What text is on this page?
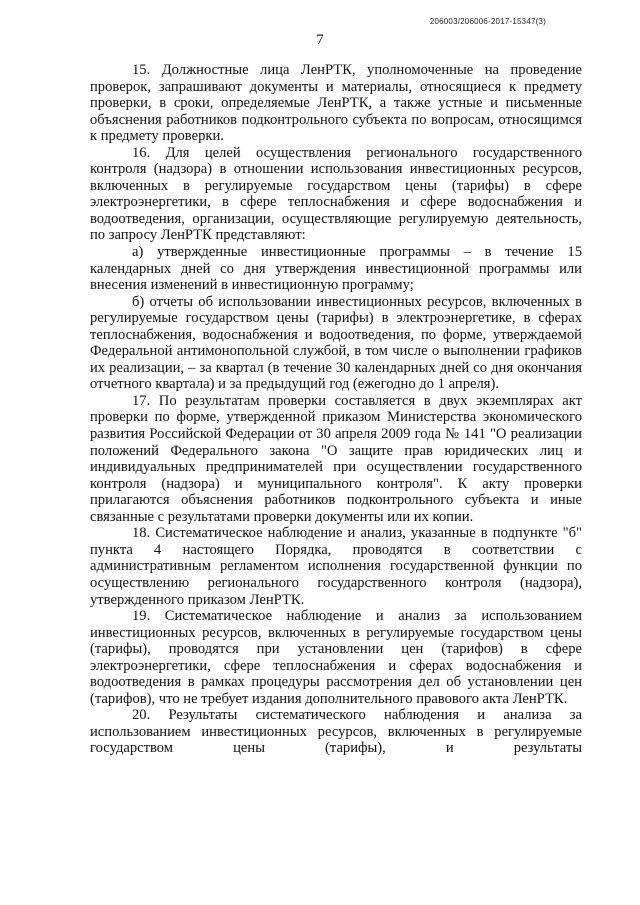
206003/206006-2017-15347(3)
7

15. Должностные лица ЛенРТК, уполномоченные на проведение проверок, запрашивают документы и материалы, относящиеся к предмету проверки, в сроки, определяемые ЛенРТК, а также устные и письменные объяснения работников подконтрольного субъекта по вопросам, относящимся к предмету проверки.

16. Для целей осуществления регионального государственного контроля (надзора) в отношении использования инвестиционных ресурсов, включенных в регулируемые государством цены (тарифы) в сфере электроэнергетики, в сфере теплоснабжения и сфере водоснабжения и водоотведения, организации, осуществляющие регулируемую деятельность, по запросу ЛенРТК представляют:

а) утвержденные инвестиционные программы – в течение 15 календарных дней со дня утверждения инвестиционной программы или внесения изменений в инвестиционную программу;

б) отчеты об использовании инвестиционных ресурсов, включенных в регулируемые государством цены (тарифы) в электроэнергетике, в сферах теплоснабжения, водоснабжения и водоотведения, по форме, утверждаемой Федеральной антимонопольной службой, в том числе о выполнении графиков их реализации, – за квартал (в течение 30 календарных дней со дня окончания отчетного квартала) и за предыдущий год (ежегодно до 1 апреля).

17. По результатам проверки составляется в двух экземплярах акт проверки по форме, утвержденной приказом Министерства экономического развития Российской Федерации от 30 апреля 2009 года № 141 "О реализации положений Федерального закона "О защите прав юридических лиц и индивидуальных предпринимателей при осуществлении государственного контроля (надзора) и муниципального контроля". К акту проверки прилагаются объяснения работников подконтрольного субъекта и иные связанные с результатами проверки документы или их копии.

18. Систематическое наблюдение и анализ, указанные в подпункте "б" пункта 4 настоящего Порядка, проводятся в соответствии с административным регламентом исполнения государственной функции по осуществлению регионального государственного контроля (надзора), утвержденного приказом ЛенРТК.

19. Систематическое наблюдение и анализ за использованием инвестиционных ресурсов, включенных в регулируемые государством цены (тарифы), проводятся при установлении цен (тарифов) в сфере электроэнергетики, сфере теплоснабжения и сферах водоснабжения и водоотведения в рамках процедуры рассмотрения дел об установлении цен (тарифов), что не требует издания дополнительного правового акта ЛенРТК.

20. Результаты систематического наблюдения и анализа за использованием инвестиционных ресурсов, включенных в регулируемые государством цены (тарифы), и результаты
